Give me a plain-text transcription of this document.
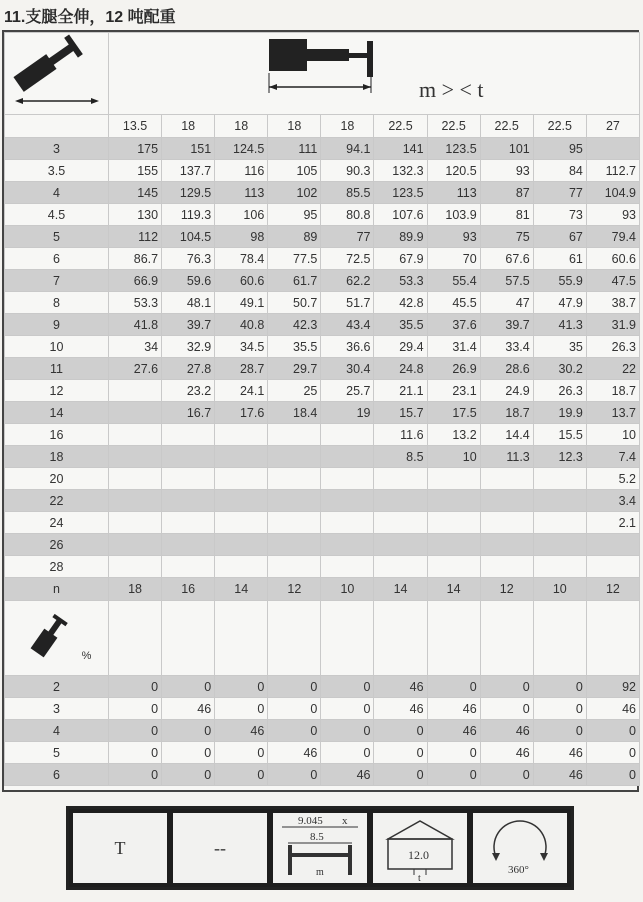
11.支腿全伸，12 吨配重

m > < t									

	13.5	18	18	18	18	22.5	22.5	22.5	22.5	27
3	175	151	124.5	111	94.1	141	123.5	101	95	
3.5	155	137.7	116	105	90.3	132.3	120.5	93	84	112.7
4	145	129.5	113	102	85.5	123.5	113	87	77	104.9
4.5	130	119.3	106	95	80.8	107.6	103.9	81	73	93
5	112	104.5	98	89	77	89.9	93	75	67	79.4
6	86.7	76.3	78.4	77.5	72.5	67.9	70	67.6	61	60.6
7	66.9	59.6	60.6	61.7	62.2	53.3	55.4	57.5	55.9	47.5
8	53.3	48.1	49.1	50.7	51.7	42.8	45.5	47	47.9	38.7
9	41.8	39.7	40.8	42.3	43.4	35.5	37.6	39.7	41.3	31.9
10	34	32.9	34.5	35.5	36.6	29.4	31.4	33.4	35	26.3
11	27.6	27.8	28.7	29.7	30.4	24.8	26.9	28.6	30.2	22
12		23.2	24.1	25	25.7	21.1	23.1	24.9	26.3	18.7
14		16.7	17.6	18.4	19	15.7	17.5	18.7	19.9	13.7
16						11.6	13.2	14.4	15.5	10
18						8.5	10	11.3	12.3	7.4
20										5.2
22										3.4
24										2.1
26										
28										
n	18	16	14	12	10	14	14	12	10	12
%										
2	0	0	0	0	0	46	0	0	0	92
3	0	46	0	0	0	46	46	0	0	46
4	0	0	46	0	0	0	46	46	0	0
5	0	0	0	46	0	0	0	46	46	0
6	0	0	0	0	46	0	0	0	46	0
T	--
9.045 x
8.5
m
12.0
t
360°
